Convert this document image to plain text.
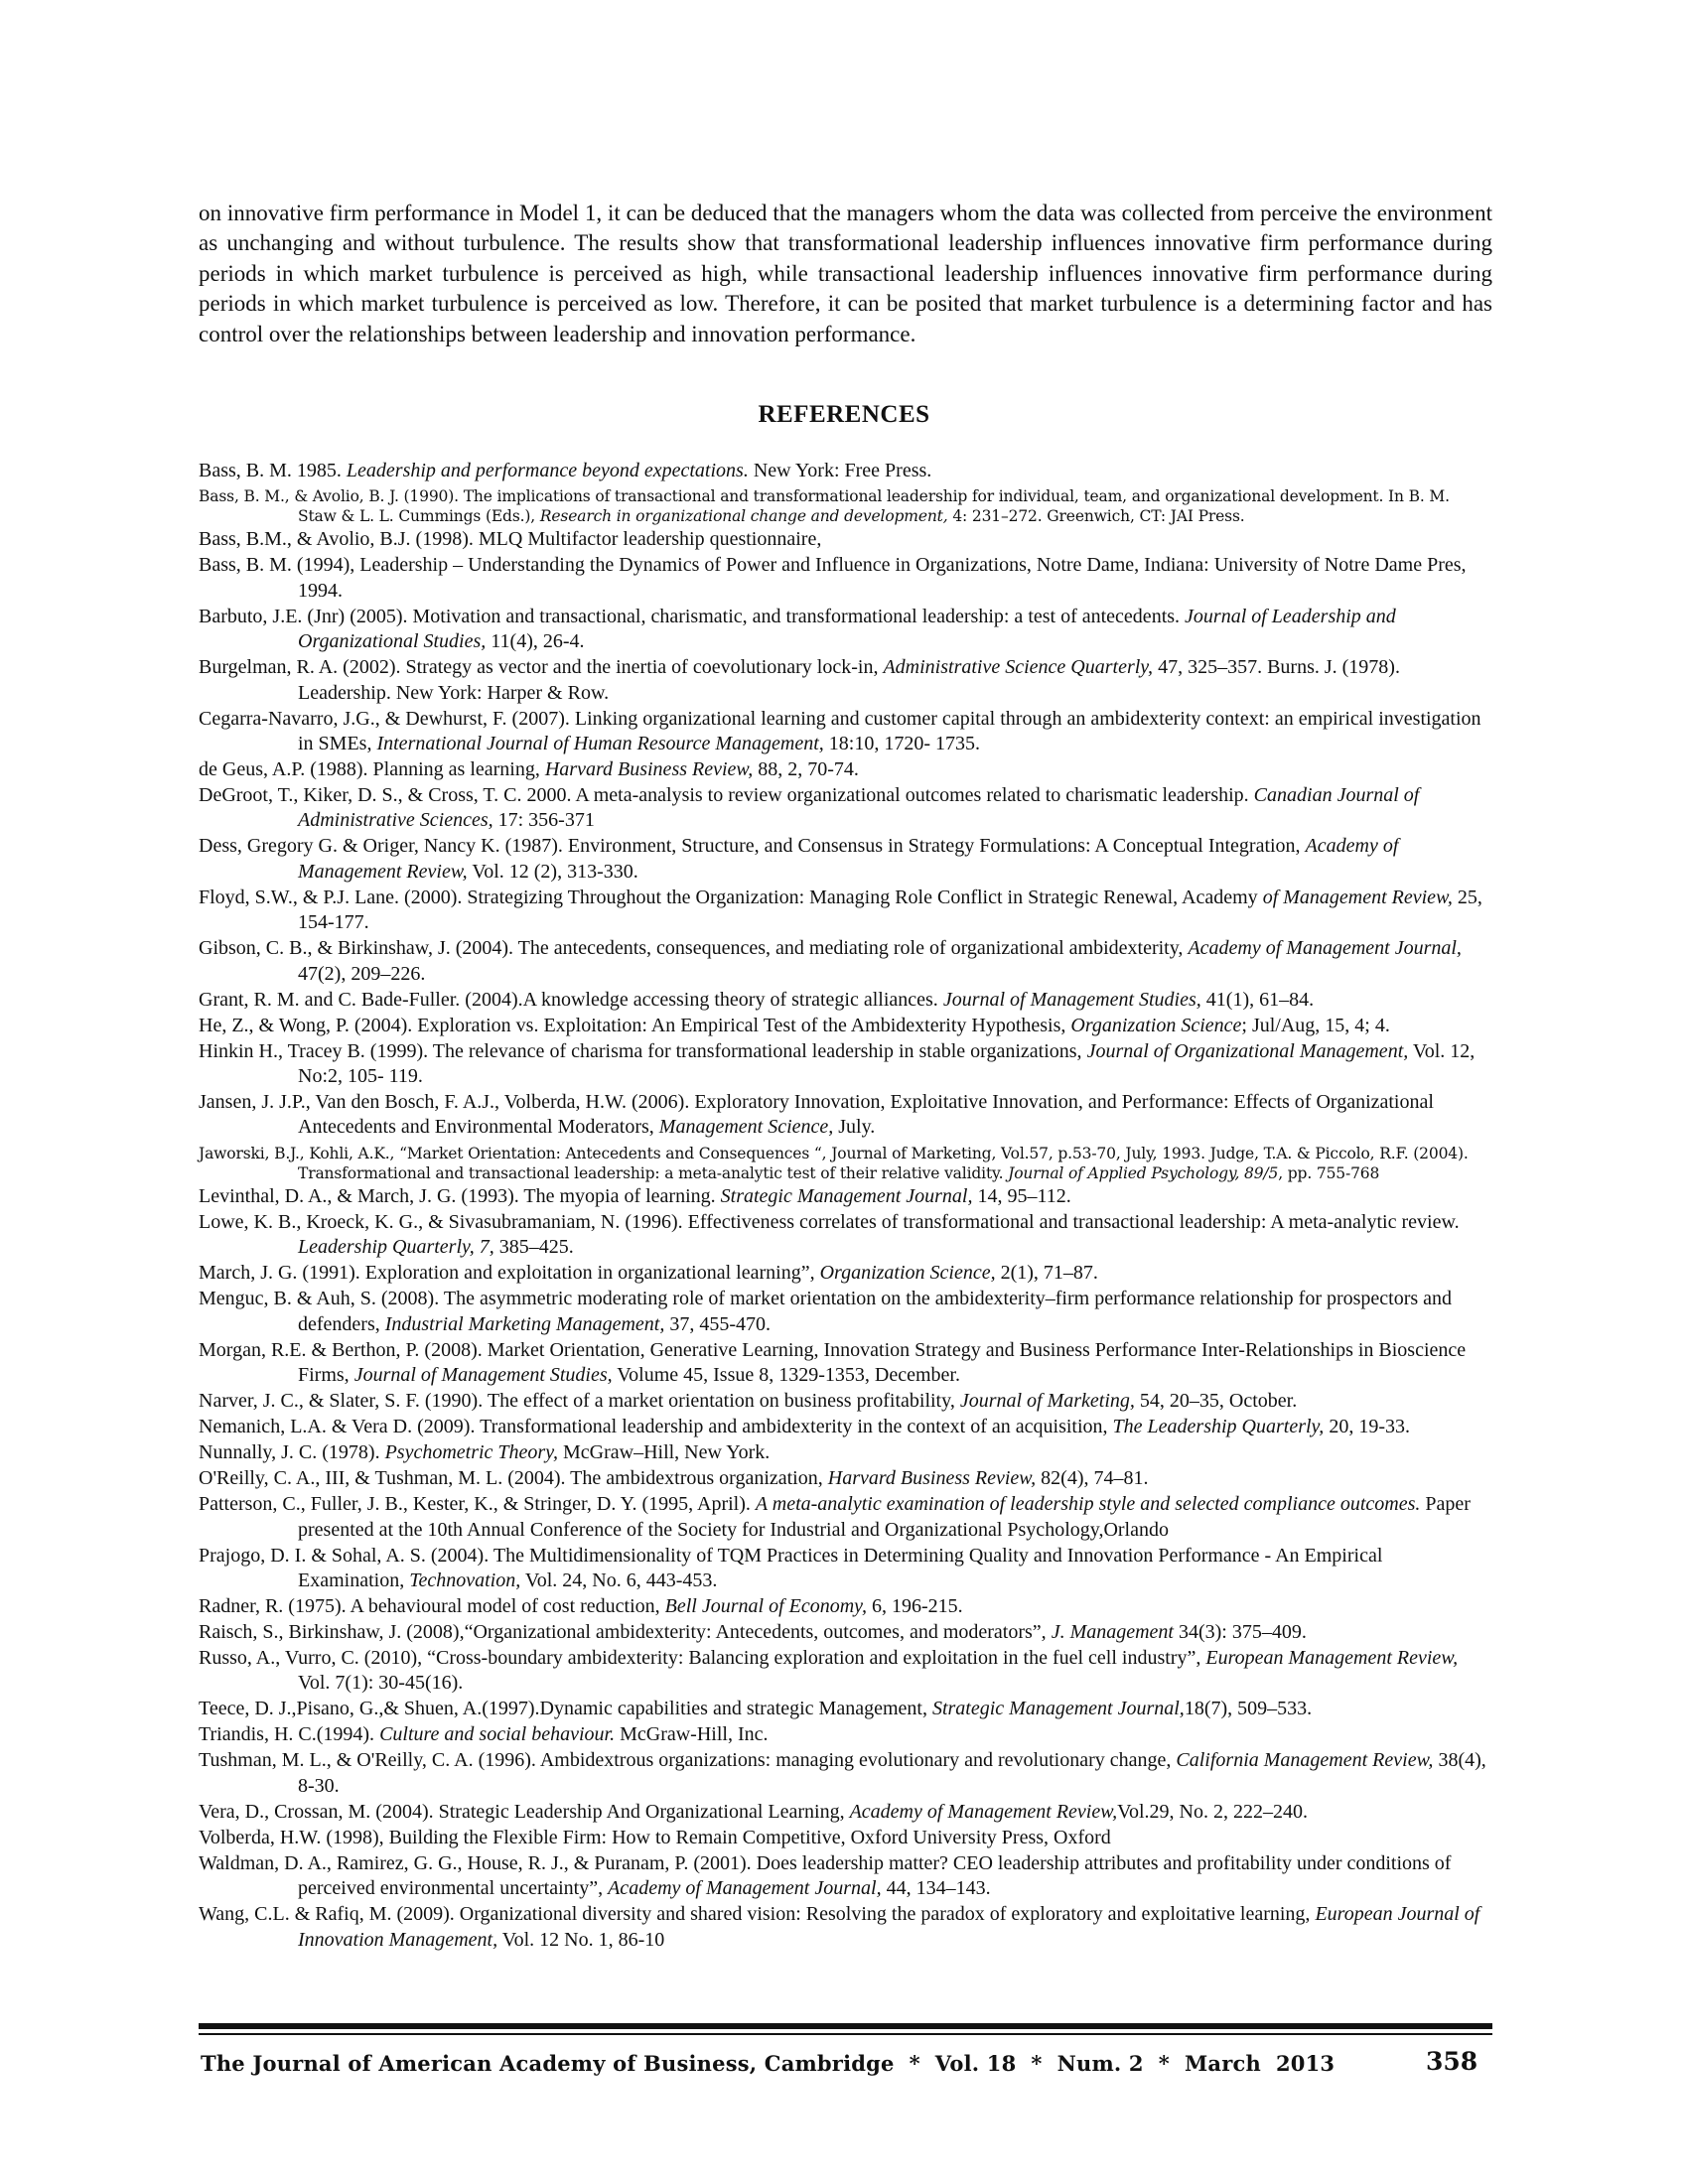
on innovative firm performance in Model 1, it can be deduced that the managers whom the data was collected from perceive the environment as unchanging and without turbulence. The results show that transformational leadership influences innovative firm performance during periods in which market turbulence is perceived as high, while transactional leadership influences innovative firm performance during periods in which market turbulence is perceived as low. Therefore, it can be posited that market turbulence is a determining factor and has control over the relationships between leadership and innovation performance.

REFERENCES
Bass, B. M. 1985. Leadership and performance beyond expectations. New York: Free Press.
Bass, B. M., & Avolio, B. J. (1990). The implications of transactional and transformational leadership for individual, team, and organizational development. In B. M. Staw & L. L. Cummings (Eds.), Research in organizational change and development, 4: 231–272. Greenwich, CT: JAI Press.
Bass, B.M., & Avolio, B.J. (1998). MLQ Multifactor leadership questionnaire,
Bass, B. M. (1994), Leadership – Understanding the Dynamics of Power and Influence in Organizations, Notre Dame, Indiana: University of Notre Dame Pres, 1994.
Barbuto, J.E. (Jnr) (2005). Motivation and transactional, charismatic, and transformational leadership: a test of antecedents. Journal of Leadership and Organizational Studies, 11(4), 26-4.
Burgelman, R. A. (2002). Strategy as vector and the inertia of coevolutionary lock-in, Administrative Science Quarterly, 47, 325–357. Burns. J. (1978). Leadership. New York: Harper & Row.
Cegarra-Navarro, J.G., & Dewhurst, F. (2007). Linking organizational learning and customer capital through an ambidexterity context: an empirical investigation in SMEs, International Journal of Human Resource Management, 18:10, 1720- 1735.
de Geus, A.P. (1988). Planning as learning, Harvard Business Review, 88, 2, 70-74.
DeGroot, T., Kiker, D. S., & Cross, T. C. 2000. A meta-analysis to review organizational outcomes related to charismatic leadership. Canadian Journal of Administrative Sciences, 17: 356-371
Dess, Gregory G. & Origer, Nancy K. (1987). Environment, Structure, and Consensus in Strategy Formulations: A Conceptual Integration, Academy of Management Review, Vol. 12 (2), 313-330.
Floyd, S.W., & P.J. Lane. (2000). Strategizing Throughout the Organization: Managing Role Conflict in Strategic Renewal, Academy of Management Review, 25, 154-177.
Gibson, C. B., & Birkinshaw, J. (2004). The antecedents, consequences, and mediating role of organizational ambidexterity, Academy of Management Journal, 47(2), 209–226.
Grant, R. M. and C. Bade-Fuller. (2004).A knowledge accessing theory of strategic alliances. Journal of Management Studies, 41(1), 61–84.
He, Z., & Wong, P. (2004). Exploration vs. Exploitation: An Empirical Test of the Ambidexterity Hypothesis, Organization Science; Jul/Aug, 15, 4; 4.
Hinkin H., Tracey B. (1999). The relevance of charisma for transformational leadership in stable organizations, Journal of Organizational Management, Vol. 12, No:2, 105- 119.
Jansen, J. J.P., Van den Bosch, F. A.J., Volberda, H.W. (2006). Exploratory Innovation, Exploitative Innovation, and Performance: Effects of Organizational Antecedents and Environmental Moderators, Management Science, July.
Jaworski, B.J., Kohli, A.K., “Market Orientation: Antecedents and Consequences “, Journal of Marketing, Vol.57, p.53-70, July, 1993. Judge, T.A. & Piccolo, R.F. (2004). Transformational and transactional leadership: a meta-analytic test of their relative validity. Journal of Applied Psychology, 89/5, pp. 755-768
Levinthal, D. A., & March, J. G. (1993). The myopia of learning. Strategic Management Journal, 14, 95–112.
Lowe, K. B., Kroeck, K. G., & Sivasubramaniam, N. (1996). Effectiveness correlates of transformational and transactional leadership: A meta-analytic review. Leadership Quarterly, 7, 385–425.
March, J. G. (1991). Exploration and exploitation in organizational learning”, Organization Science, 2(1), 71–87.
Menguc, B. & Auh, S. (2008). The asymmetric moderating role of market orientation on the ambidexterity–firm performance relationship for prospectors and defenders, Industrial Marketing Management, 37, 455-470.
Morgan, R.E. & Berthon, P. (2008). Market Orientation, Generative Learning, Innovation Strategy and Business Performance Inter-Relationships in Bioscience Firms, Journal of Management Studies, Volume 45, Issue 8, 1329-1353, December.
Narver, J. C., & Slater, S. F. (1990). The effect of a market orientation on business profitability, Journal of Marketing, 54, 20–35, October.
Nemanich, L.A. & Vera D. (2009). Transformational leadership and ambidexterity in the context of an acquisition, The Leadership Quarterly, 20, 19-33.
Nunnally, J. C. (1978). Psychometric Theory, McGraw–Hill, New York.
O'Reilly, C. A., III, & Tushman, M. L. (2004). The ambidextrous organization, Harvard Business Review, 82(4), 74–81.
Patterson, C., Fuller, J. B., Kester, K., & Stringer, D. Y. (1995, April). A meta-analytic examination of leadership style and selected compliance outcomes. Paper presented at the 10th Annual Conference of the Society for Industrial and Organizational Psychology,Orlando
Prajogo, D. I. & Sohal, A. S. (2004). The Multidimensionality of TQM Practices in Determining Quality and Innovation Performance - An Empirical Examination, Technovation, Vol. 24, No. 6, 443-453.
Radner, R. (1975). A behavioural model of cost reduction, Bell Journal of Economy, 6, 196-215.
Raisch, S., Birkinshaw, J. (2008),“Organizational ambidexterity: Antecedents, outcomes, and moderators”, J. Management 34(3): 375–409.
Russo, A., Vurro, C. (2010), “Cross-boundary ambidexterity: Balancing exploration and exploitation in the fuel cell industry”, European Management Review, Vol. 7(1): 30-45(16).
Teece, D. J.,Pisano, G.,& Shuen, A.(1997).Dynamic capabilities and strategic Management, Strategic Management Journal,18(7), 509–533.
Triandis, H. C.(1994). Culture and social behaviour. McGraw-Hill, Inc.
Tushman, M. L., & O'Reilly, C. A. (1996). Ambidextrous organizations: managing evolutionary and revolutionary change, California Management Review, 38(4), 8-30.
Vera, D., Crossan, M. (2004). Strategic Leadership And Organizational Learning, Academy of Management Review,Vol.29, No. 2, 222–240.
Volberda, H.W. (1998), Building the Flexible Firm: How to Remain Competitive, Oxford University Press, Oxford
Waldman, D. A., Ramirez, G. G., House, R. J., & Puranam, P. (2001). Does leadership matter? CEO leadership attributes and profitability under conditions of perceived environmental uncertainty”, Academy of Management Journal, 44, 134–143.
Wang, C.L. & Rafiq, M. (2009). Organizational diversity and shared vision: Resolving the paradox of exploratory and exploitative learning, European Journal of Innovation Management, Vol. 12 No. 1, 86-10
The Journal of American Academy of Business, Cambridge  *  Vol. 18  *  Num. 2  *  March  2013	358
